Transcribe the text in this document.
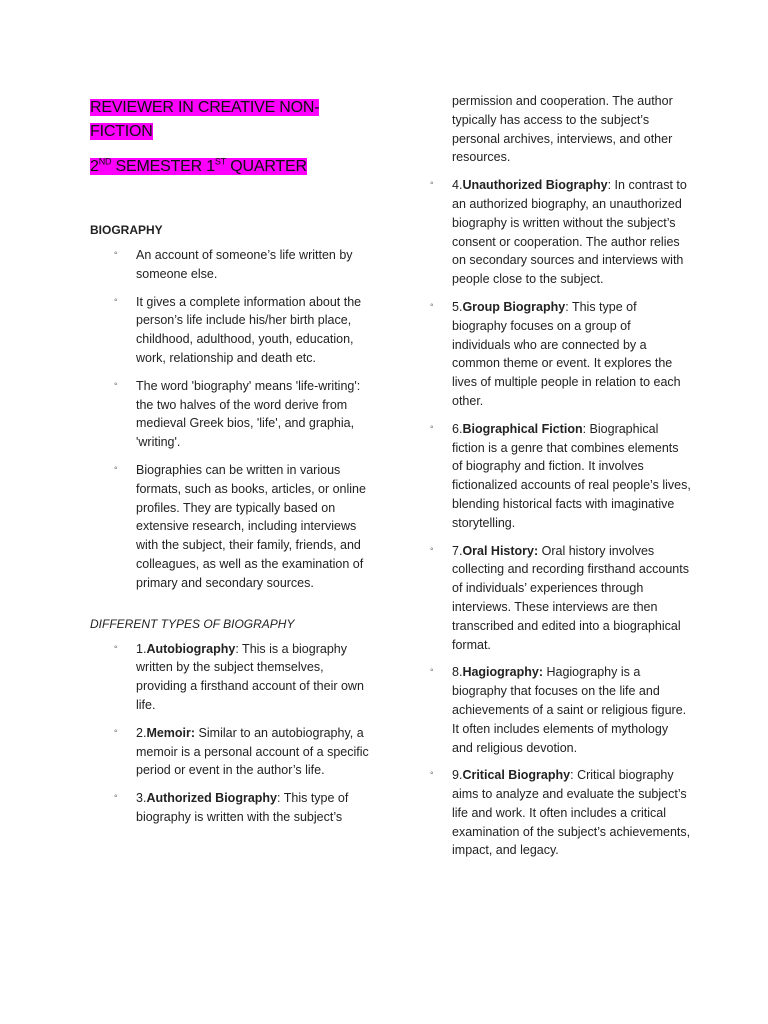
REVIEWER IN CREATIVE NON-FICTION
2ND SEMESTER 1ST QUARTER
BIOGRAPHY
◦ An account of someone’s life written by someone else.
◦ It gives a complete information about the person’s life include his/her birth place, childhood, adulthood, youth, education, work, relationship and death etc.
◦ The word 'biography' means 'life-writing': the two halves of the word derive from medieval Greek bios, 'life', and graphia, 'writing'.
◦ Biographies can be written in various formats, such as books, articles, or online profiles. They are typically based on extensive research, including interviews with the subject, their family, friends, and colleagues, as well as the examination of primary and secondary sources.
DIFFERENT TYPES OF BIOGRAPHY
◦ 1.Autobiography: This is a biography written by the subject themselves, providing a firsthand account of their own life.
◦ 2.Memoir: Similar to an autobiography, a memoir is a personal account of a specific period or event in the author’s life.
◦ 3.Authorized Biography: This type of biography is written with the subject’s
permission and cooperation. The author typically has access to the subject’s personal archives, interviews, and other resources.
◦ 4.Unauthorized Biography: In contrast to an authorized biography, an unauthorized biography is written without the subject’s consent or cooperation. The author relies on secondary sources and interviews with people close to the subject.
◦ 5.Group Biography: This type of biography focuses on a group of individuals who are connected by a common theme or event. It explores the lives of multiple people in relation to each other.
◦ 6.Biographical Fiction: Biographical fiction is a genre that combines elements of biography and fiction. It involves fictionalized accounts of real people’s lives, blending historical facts with imaginative storytelling.
◦ 7.Oral History: Oral history involves collecting and recording firsthand accounts of individuals’ experiences through interviews. These interviews are then transcribed and edited into a biographical format.
◦ 8.Hagiography: Hagiography is a biography that focuses on the life and achievements of a saint or religious figure. It often includes elements of mythology and religious devotion.
◦ 9.Critical Biography: Critical biography aims to analyze and evaluate the subject’s life and work. It often includes a critical examination of the subject’s achievements, impact, and legacy.
